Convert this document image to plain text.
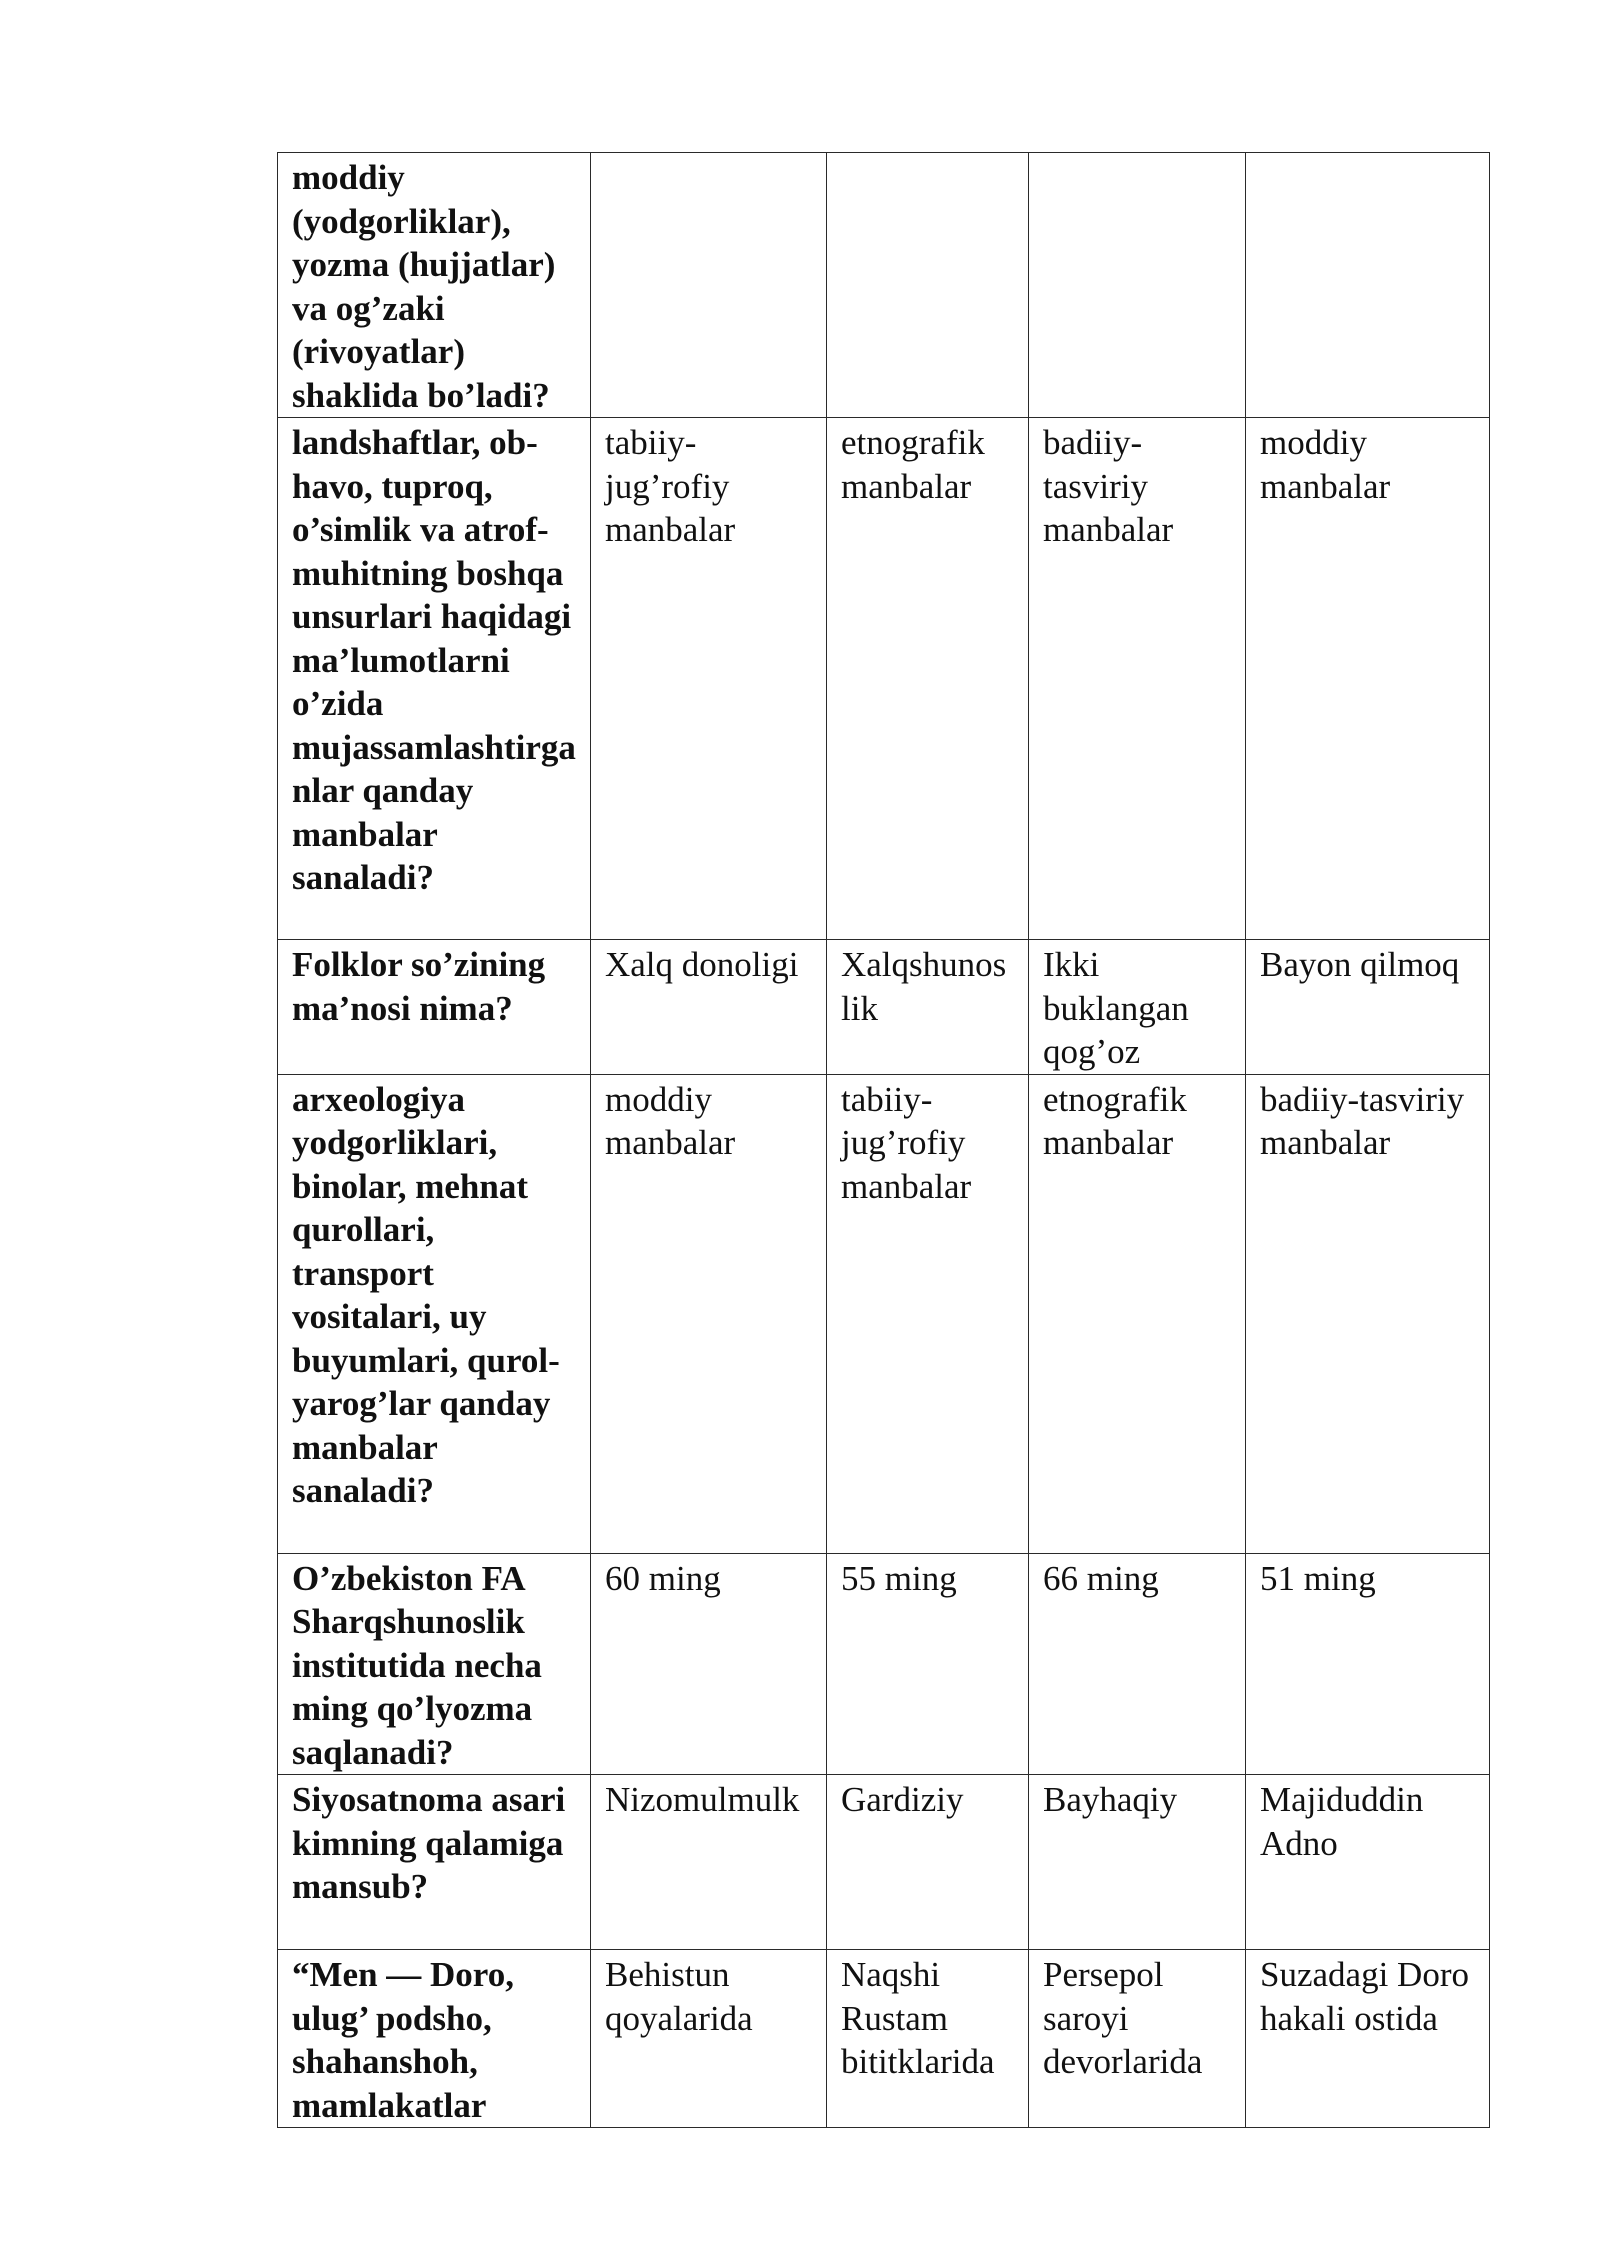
moddiy (yodgorliklar), yozma (hujjatlar) va og’zaki (rivoyatlar) shaklida bo’ladi?				
landshaftlar, ob-havo, tuproq, o’simlik va atrof-muhitning boshqa unsurlari haqidagi ma’lumotlarni o’zida mujassamlashtirganlar qanday manbalar sanaladi?	tabiiy-jug’rofiy manbalar	etnografik manbalar	badiiy-tasviriy manbalar	moddiy manbalar
Folklor so’zining ma’nosi nima?	Xalq donoligi	Xalqshunoslik	Ikki buklangan qog’oz	Bayon qilmoq
arxeologiya yodgorliklari, binolar, mehnat qurollari, transport vositalari, uy buyumlari, qurol-yarog’lar qanday manbalar sanaladi?	moddiy manbalar	tabiiy-jug’rofiy manbalar	etnografik manbalar	badiiy-tasviriy manbalar
O’zbekiston FA Sharqshunoslik institutida necha ming qo’lyozma saqlanadi?	60 ming	55 ming	66 ming	51 ming
Siyosatnoma asari kimning qalamiga mansub?	Nizomulmulk	Gardiziy	Bayhaqiy	Majiduddin Adno
“Men — Doro, ulug’ podsho, shahanshoh, mamlakatlar	Behistun qoyalarida	Naqshi Rustam bititklarida	Persepol saroyi devorlarida	Suzadagi Doro hakali ostida
